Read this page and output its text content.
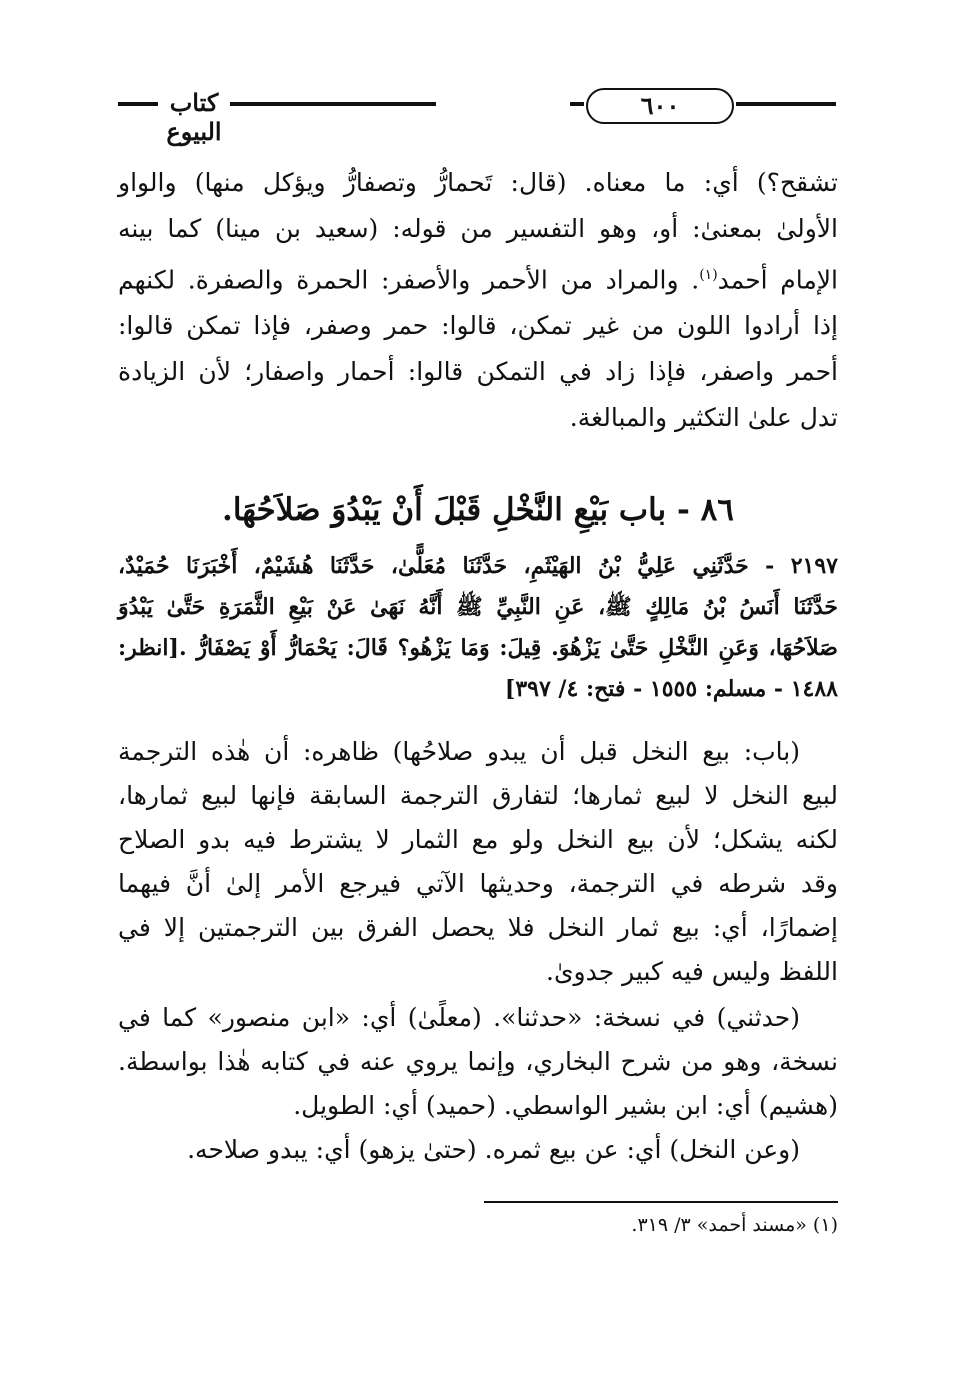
كتاب البيوع
٦٠٠
تشقح؟) أي: ما معناه. (قال: تَحمارُّ وتصفارُّ ويؤكل منها) والواو
الأولىٰ بمعنىٰ: أو، وهو التفسير من قوله: (سعيد بن مينا) كما بينه
الإمام أحمد$^{(١)}$. والمراد من الأحمر والأصفر: الحمرة والصفرة. لكنهم
إذا أرادوا اللون من غير تمكن، قالوا: حمر وصفر، فإذا تمكن قالوا:
أحمر واصفر، فإذا زاد في التمكن قالوا: أحمار واصفار؛ لأن الزيادة
تدل علىٰ التكثير والمبالغة.
٨٦ - باب بَيْعِ النَّخْلِ قَبْلَ أَنْ يَبْدُوَ صَلاَحُهَا.
٢١٩٧ - حَدَّثَنِي عَلِيُّ بْنُ الهَيْثَمِ، حَدَّثَنَا مُعَلًّىٰ، حَدَّثَنَا هُشَيْمٌ، أَخْبَرَنَا حُمَيْدٌ،
حَدَّثَنَا أَنَسُ بْنُ مَالِكٍ ﷺ، عَنِ النَّبِيِّ ﷺ أَنَّهُ نَهَىٰ عَنْ بَيْعِ الثَّمَرَةِ حَتَّىٰ يَبْدُوَ
صَلاَحُهَا، وَعَنِ النَّخْلِ حَتَّىٰ يَزْهُوَ. قِيلَ: وَمَا يَزْهُو؟ قَالَ: يَحْمَارُّ أَوْ يَصْفَارُّ .[انظر:
١٤٨٨ - مسلم: ١٥٥٥ - فتح: ٤/ ٣٩٧]
(باب: بيع النخل قبل أن يبدو صلاحُها) ظاهره: أن هٰذه الترجمة
لبيع النخل لا لبيع ثمارها؛ لتفارق الترجمة السابقة فإنها لبيع ثمارها،
لكنه يشكل؛ لأن بيع النخل ولو مع الثمار لا يشترط فيه بدو الصلاح
وقد شرطه في الترجمة، وحديثها الآتي فيرجع الأمر إلىٰ أنَّ فيهما
إضمارًا، أي: بيع ثمار النخل فلا يحصل الفرق بين الترجمتين إلا في
اللفظ وليس فيه كبير جدوىٰ.
(حدثني) في نسخة: «حدثنا». (معلًىٰ) أي: «ابن منصور» كما في
نسخة، وهو من شرح البخاري، وإنما يروي عنه في كتابه هٰذا بواسطة.
(هشيم) أي: ابن بشير الواسطي. (حميد) أي: الطويل.
(وعن النخل) أي: عن بيع ثمره. (حتىٰ يزهو) أي: يبدو صلاحه.
(١) «مسند أحمد» ٣/ ٣١٩.
